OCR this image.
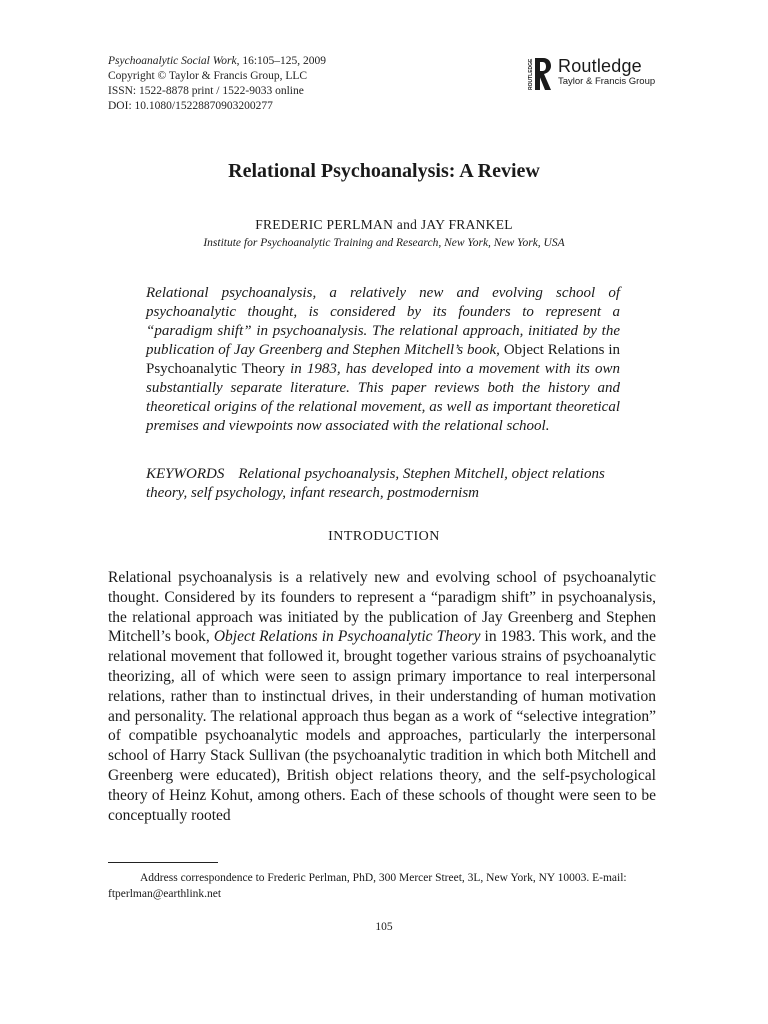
Psychoanalytic Social Work, 16:105–125, 2009
Copyright © Taylor & Francis Group, LLC
ISSN: 1522-8878 print / 1522-9033 online
DOI: 10.1080/15228870903200277
ROUTLEDGE Routledge
Taylor & Francis Group
Relational Psychoanalysis: A Review
FREDERIC PERLMAN and JAY FRANKEL
Institute for Psychoanalytic Training and Research, New York, New York, USA
Relational psychoanalysis, a relatively new and evolving school of psychoanalytic thought, is considered by its founders to represent a “paradigm shift” in psychoanalysis. The relational approach, initiated by the publication of Jay Greenberg and Stephen Mitchell’s book, Object Relations in Psychoanalytic Theory in 1983, has developed into a movement with its own substantially separate literature. This paper reviews both the history and theoretical origins of the relational movement, as well as important theoretical premises and viewpoints now associated with the relational school.
KEYWORDS Relational psychoanalysis, Stephen Mitchell, object relations theory, self psychology, infant research, postmodernism
INTRODUCTION
Relational psychoanalysis is a relatively new and evolving school of psychoanalytic thought. Considered by its founders to represent a “paradigm shift” in psychoanalysis, the relational approach was initiated by the publication of Jay Greenberg and Stephen Mitchell’s book, Object Relations in Psychoanalytic Theory in 1983. This work, and the relational movement that followed it, brought together various strains of psychoanalytic theorizing, all of which were seen to assign primary importance to real interpersonal relations, rather than to instinctual drives, in their understanding of human motivation and personality. The relational approach thus began as a work of “selective integration” of compatible psychoanalytic models and approaches, particularly the interpersonal school of Harry Stack Sullivan (the psychoanalytic tradition in which both Mitchell and Greenberg were educated), British object relations theory, and the self-psychological theory of Heinz Kohut, among others. Each of these schools of thought were seen to be conceptually rooted
Address correspondence to Frederic Perlman, PhD, 300 Mercer Street, 3L, New York, NY 10003. E-mail: ftperlman@earthlink.net
105
